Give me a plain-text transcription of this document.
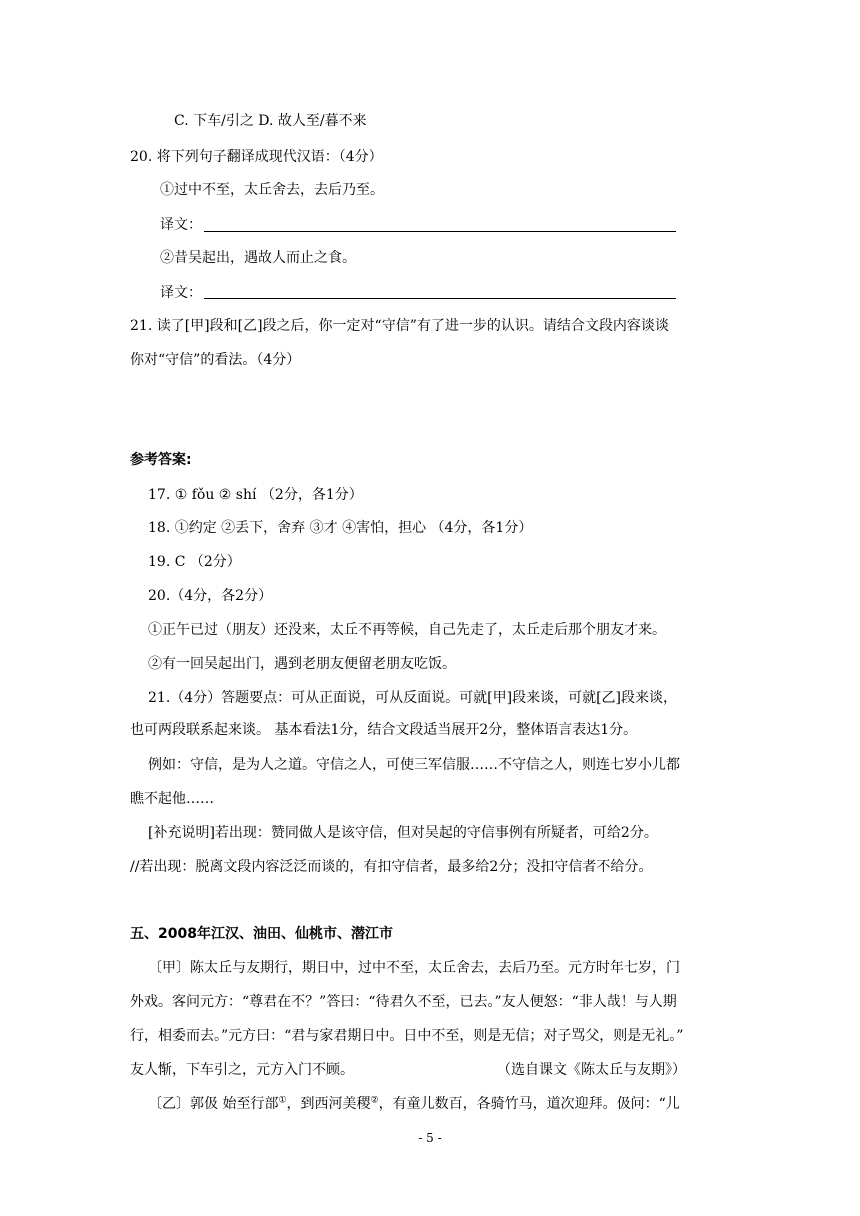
C. 下车/引之 D. 故人至/暮不来
20. 将下列句子翻译成现代汉语：（4分）
①过中不至，太丘舍去，去后乃至。
译文：
②昔吴起出，遇故人而止之食。
译文：
21. 读了[甲]段和[乙]段之后，你一定对“守信”有了进一步的认识。请结合文段内容谈谈
你对“守信”的看法。（4分）
参考答案:
17. ① fǒu ② shí （2分，各1分）
18. ①约定 ②丢下，舍弃 ③才 ④害怕，担心 （4分，各1分）
19. C （2分）
20.（4分，各2分）
①正午已过（朋友）还没来，太丘不再等候，自己先走了，太丘走后那个朋友才来。
②有一回吴起出门，遇到老朋友便留老朋友吃饭。
21.（4分）答题要点：可从正面说，可从反面说。可就[甲]段来谈，可就[乙]段来谈，
也可两段联系起来谈。 基本看法1分，结合文段适当展开2分，整体语言表达1分。
例如：守信，是为人之道。守信之人，可使三军信服……不守信之人，则连七岁小儿都
瞧不起他……
[补充说明]若出现：赞同做人是该守信，但对吴起的守信事例有所疑者，可给2分。
//若出现：脱离文段内容泛泛而谈的，有扣守信者，最多给2分；没扣守信者不给分。
五、2008年江汉、油田、仙桃市、潜江市
〔甲〕陈太丘与友期行，期日中，过中不至，太丘舍去，去后乃至。元方时年七岁，门
外戏。客问元方：“尊君在不？”答曰：“待君久不至，已去。”友人便怒：“非人哉！与人期
行，相委而去。”元方曰：“君与家君期日中。日中不至，则是无信；对子骂父，则是无礼。”
友人惭，下车引之，元方入门不顾。	（选自课文《陈太丘与友期》）
〔乙〕郭伋 始至行部①，到西河美稷②，有童儿数百，各骑竹马，道次迎拜。伋问：“儿
- 5 -
